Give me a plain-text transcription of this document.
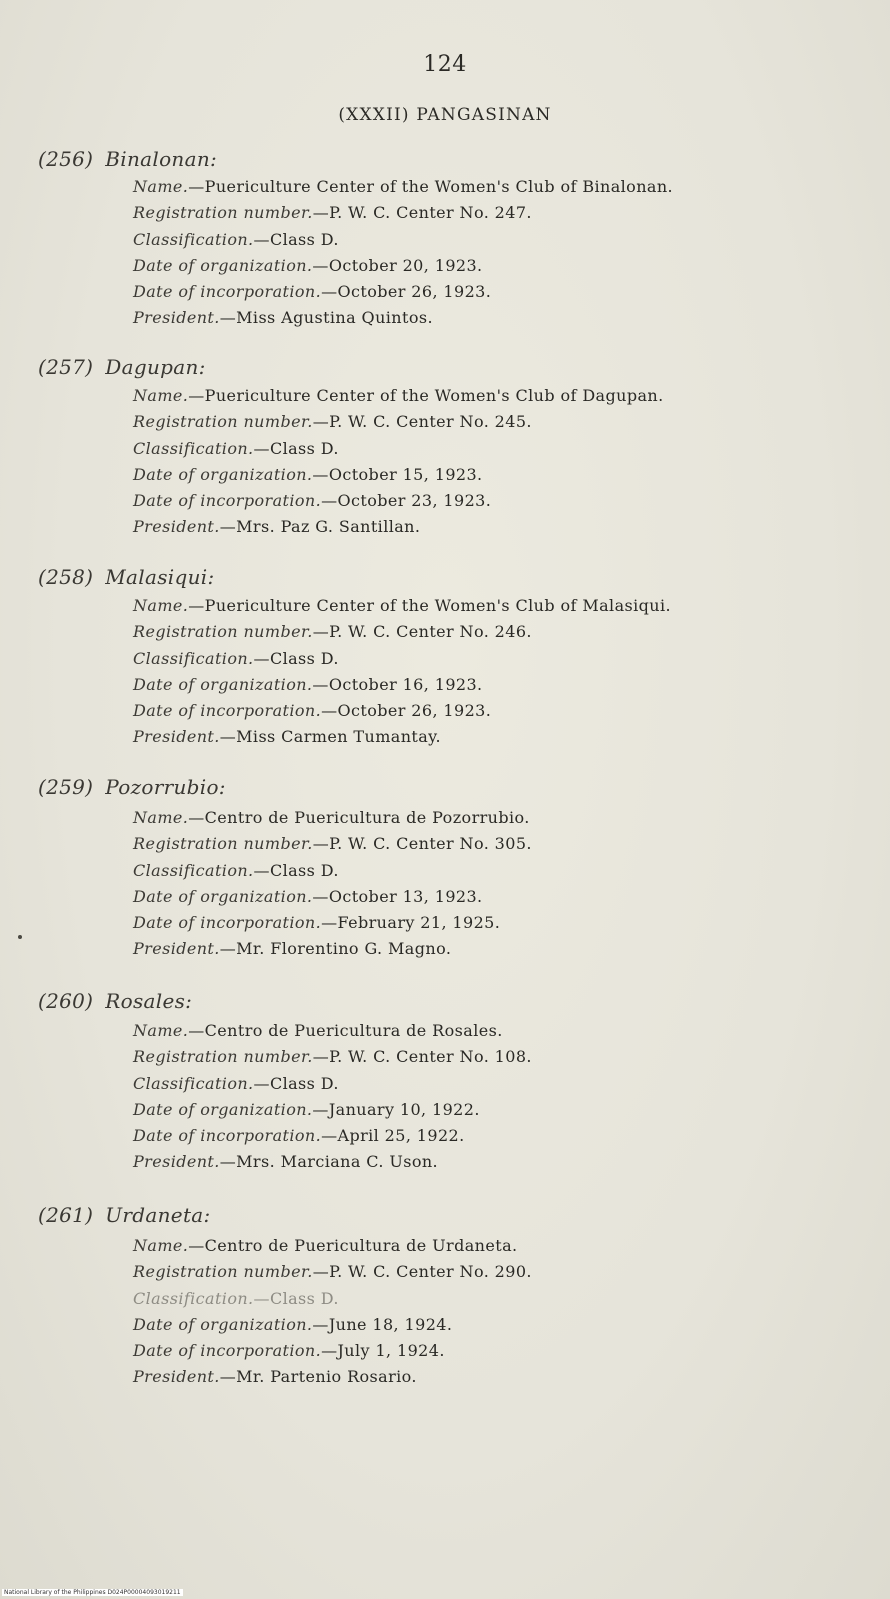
124
(XXXII) PANGASINAN
(256) Binalonan:
Name.—Puericulture Center of the Women's Club of Binalonan.
Registration number.—P. W. C. Center No. 247.
Classification.—Class D.
Date of organization.—October 20, 1923.
Date of incorporation.—October 26, 1923.
President.—Miss Agustina Quintos.
(257) Dagupan:
Name.—Puericulture Center of the Women's Club of Dagupan.
Registration number.—P. W. C. Center No. 245.
Classification.—Class D.
Date of organization.—October 15, 1923.
Date of incorporation.—October 23, 1923.
President.—Mrs. Paz G. Santillan.
(258) Malasiqui:
Name.—Puericulture Center of the Women's Club of Malasiqui.
Registration number.—P. W. C. Center No. 246.
Classification.—Class D.
Date of organization.—October 16, 1923.
Date of incorporation.—October 26, 1923.
President.—Miss Carmen Tumantay.
(259) Pozorrubio:
Name.—Centro de Puericultura de Pozorrubio.
Registration number.—P. W. C. Center No. 305.
Classification.—Class D.
Date of organization.—October 13, 1923.
Date of incorporation.—February 21, 1925.
President.—Mr. Florentino G. Magno.
(260) Rosales:
Name.—Centro de Puericultura de Rosales.
Registration number.—P. W. C. Center No. 108.
Classification.—Class D.
Date of organization.—January 10, 1922.
Date of incorporation.—April 25, 1922.
President.—Mrs. Marciana C. Uson.
(261) Urdaneta:
Name.—Centro de Puericultura de Urdaneta.
Registration number.—P. W. C. Center No. 290.
Classification.—Class D.
Date of organization.—June 18, 1924.
Date of incorporation.—July 1, 1924.
President.—Mr. Partenio Rosario.
National Library of the Philippines D024P00004093019211
